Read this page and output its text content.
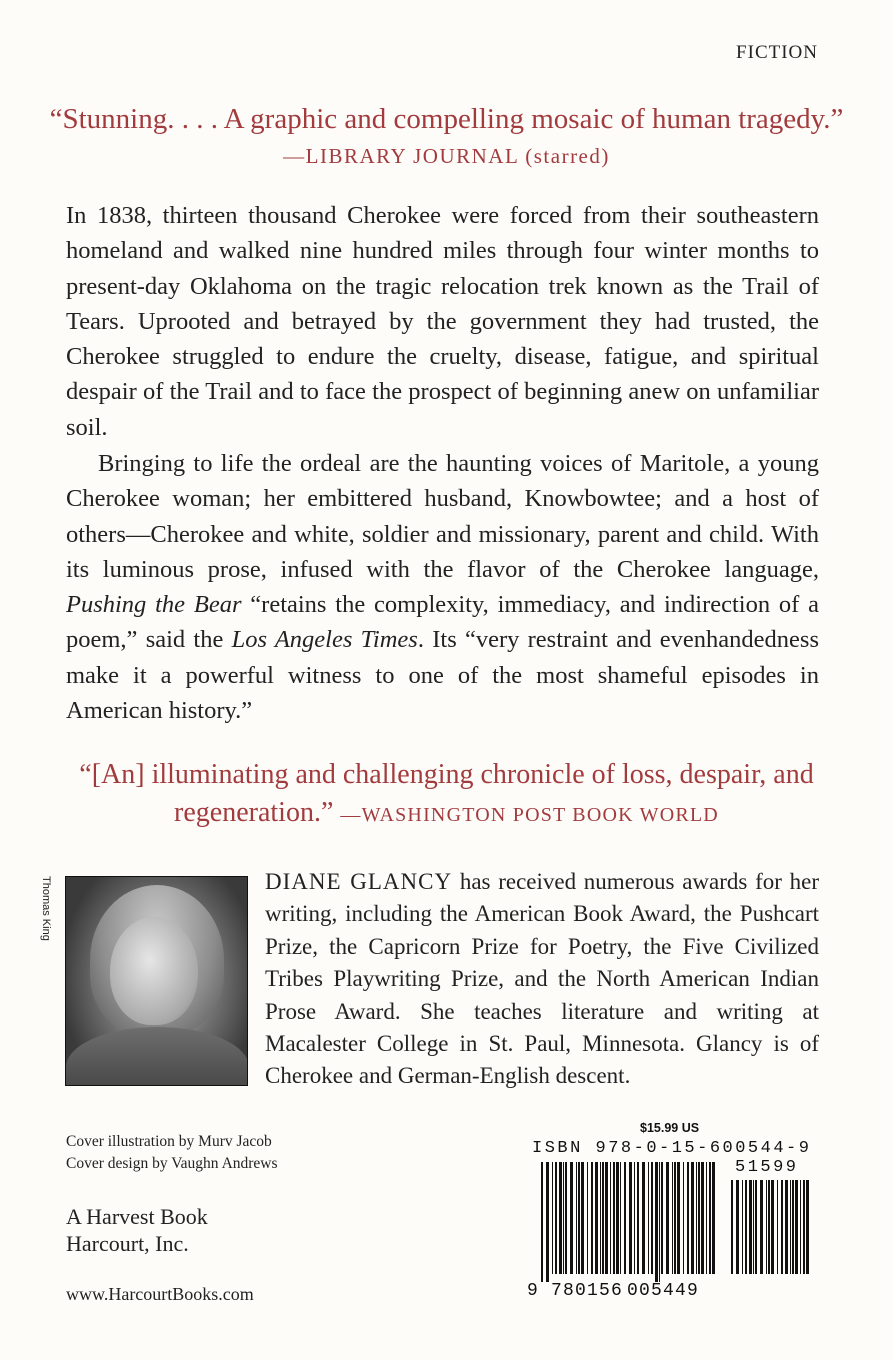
FICTION
“Stunning. . . . A graphic and compelling mosaic of human tragedy.”
—LIBRARY JOURNAL (starred)

In 1838, thirteen thousand Cherokee were forced from their southeastern homeland and walked nine hundred miles through four winter months to present-day Oklahoma on the tragic relocation trek known as the Trail of Tears. Uprooted and betrayed by the government they had trusted, the Cherokee struggled to endure the cruelty, disease, fatigue, and spiritual despair of the Trail and to face the prospect of beginning anew on unfamiliar soil.

Bringing to life the ordeal are the haunting voices of Maritole, a young Cherokee woman; her embittered husband, Knowbowtee; and a host of others—Cherokee and white, soldier and missionary, parent and child. With its luminous prose, infused with the flavor of the Cherokee language, Pushing the Bear “retains the complexity, immediacy, and indirection of a poem,” said the Los Angeles Times. Its “very restraint and evenhandedness make it a powerful witness to one of the most shameful episodes in American history.”

“[An] illuminating and challenging chronicle of loss, despair, and regeneration.” —WASHINGTON POST BOOK WORLD
Thomas King	DIANE GLANCY has received numerous awards for her writing, including the American Book Award, the Pushcart Prize, the Capricorn Prize for Poetry, the Five Civilized Tribes Playwriting Prize, and the North American Indian Prose Award. She teaches literature and writing at Macalester College in St. Paul, Minnesota. Glancy is of Cherokee and German-English descent.
Cover illustration by Murv Jacob
Cover design by Vaughn Andrews
A Harvest Book
Harcourt, Inc.
www.HarcourtBooks.com
$15.99 US
ISBN 978-0-15-600544-9
51599
9 780156 005449
